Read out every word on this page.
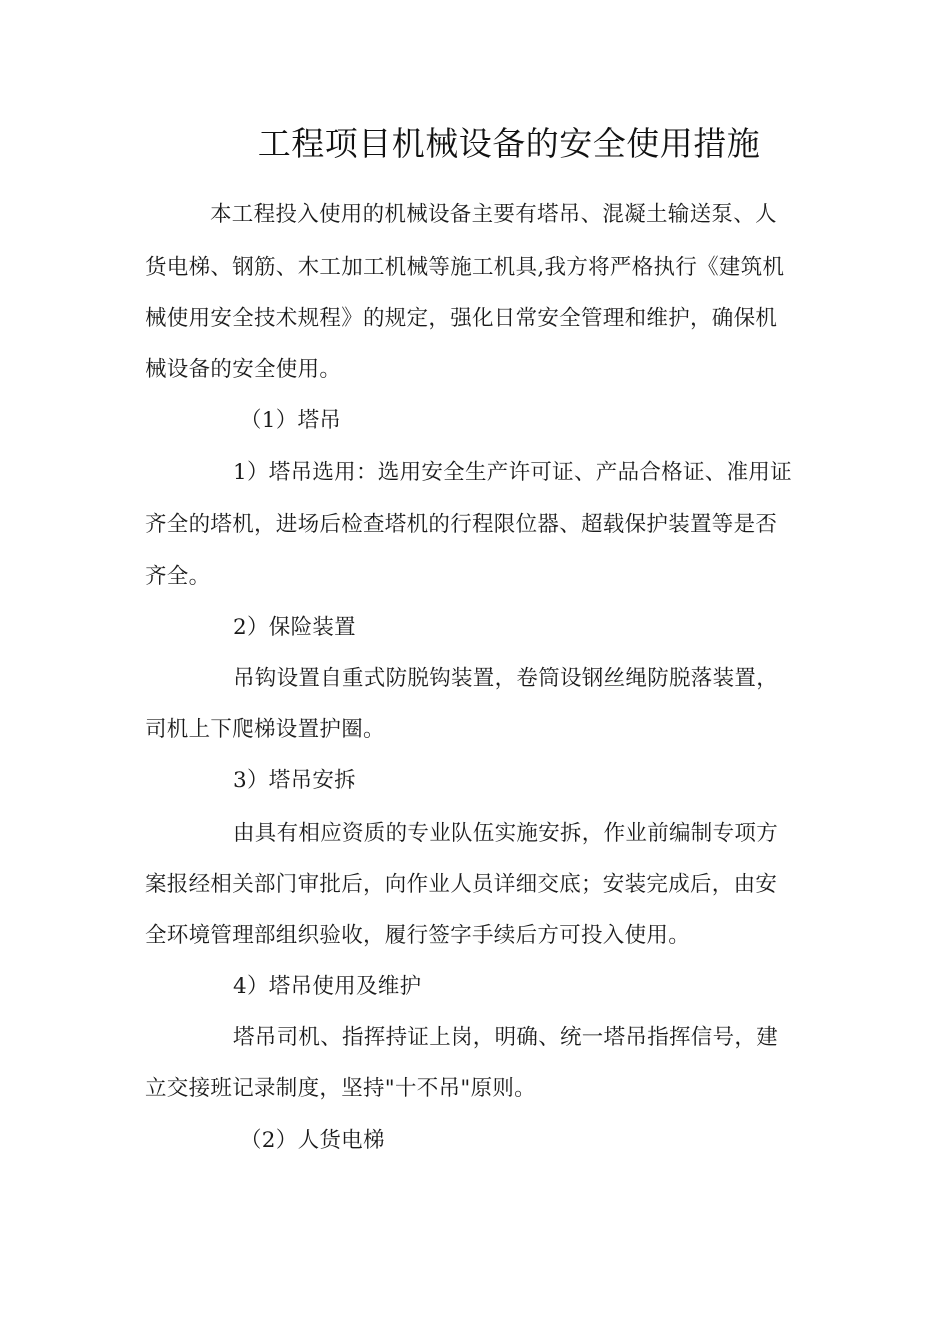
工程项目机械设备的安全使用措施
本工程投入使用的机械设备主要有塔吊、混凝土输送泵、人
货电梯、钢筋、木工加工机械等施工机具,我方将严格执行《建筑机
械使用安全技术规程》的规定，强化日常安全管理和维护，确保机
械设备的安全使用。
（1）塔吊
1）塔吊选用：选用安全生产许可证、产品合格证、准用证
齐全的塔机，进场后检查塔机的行程限位器、超载保护装置等是否
齐全。
2）保险装置
吊钩设置自重式防脱钩装置，卷筒设钢丝绳防脱落装置，
司机上下爬梯设置护圈。
3）塔吊安拆
由具有相应资质的专业队伍实施安拆，作业前编制专项方
案报经相关部门审批后，向作业人员详细交底；安装完成后，由安
全环境管理部组织验收，履行签字手续后方可投入使用。
4）塔吊使用及维护
塔吊司机、指挥持证上岗，明确、统一塔吊指挥信号，建
立交接班记录制度，坚持"十不吊"原则。
（2）人货电梯
